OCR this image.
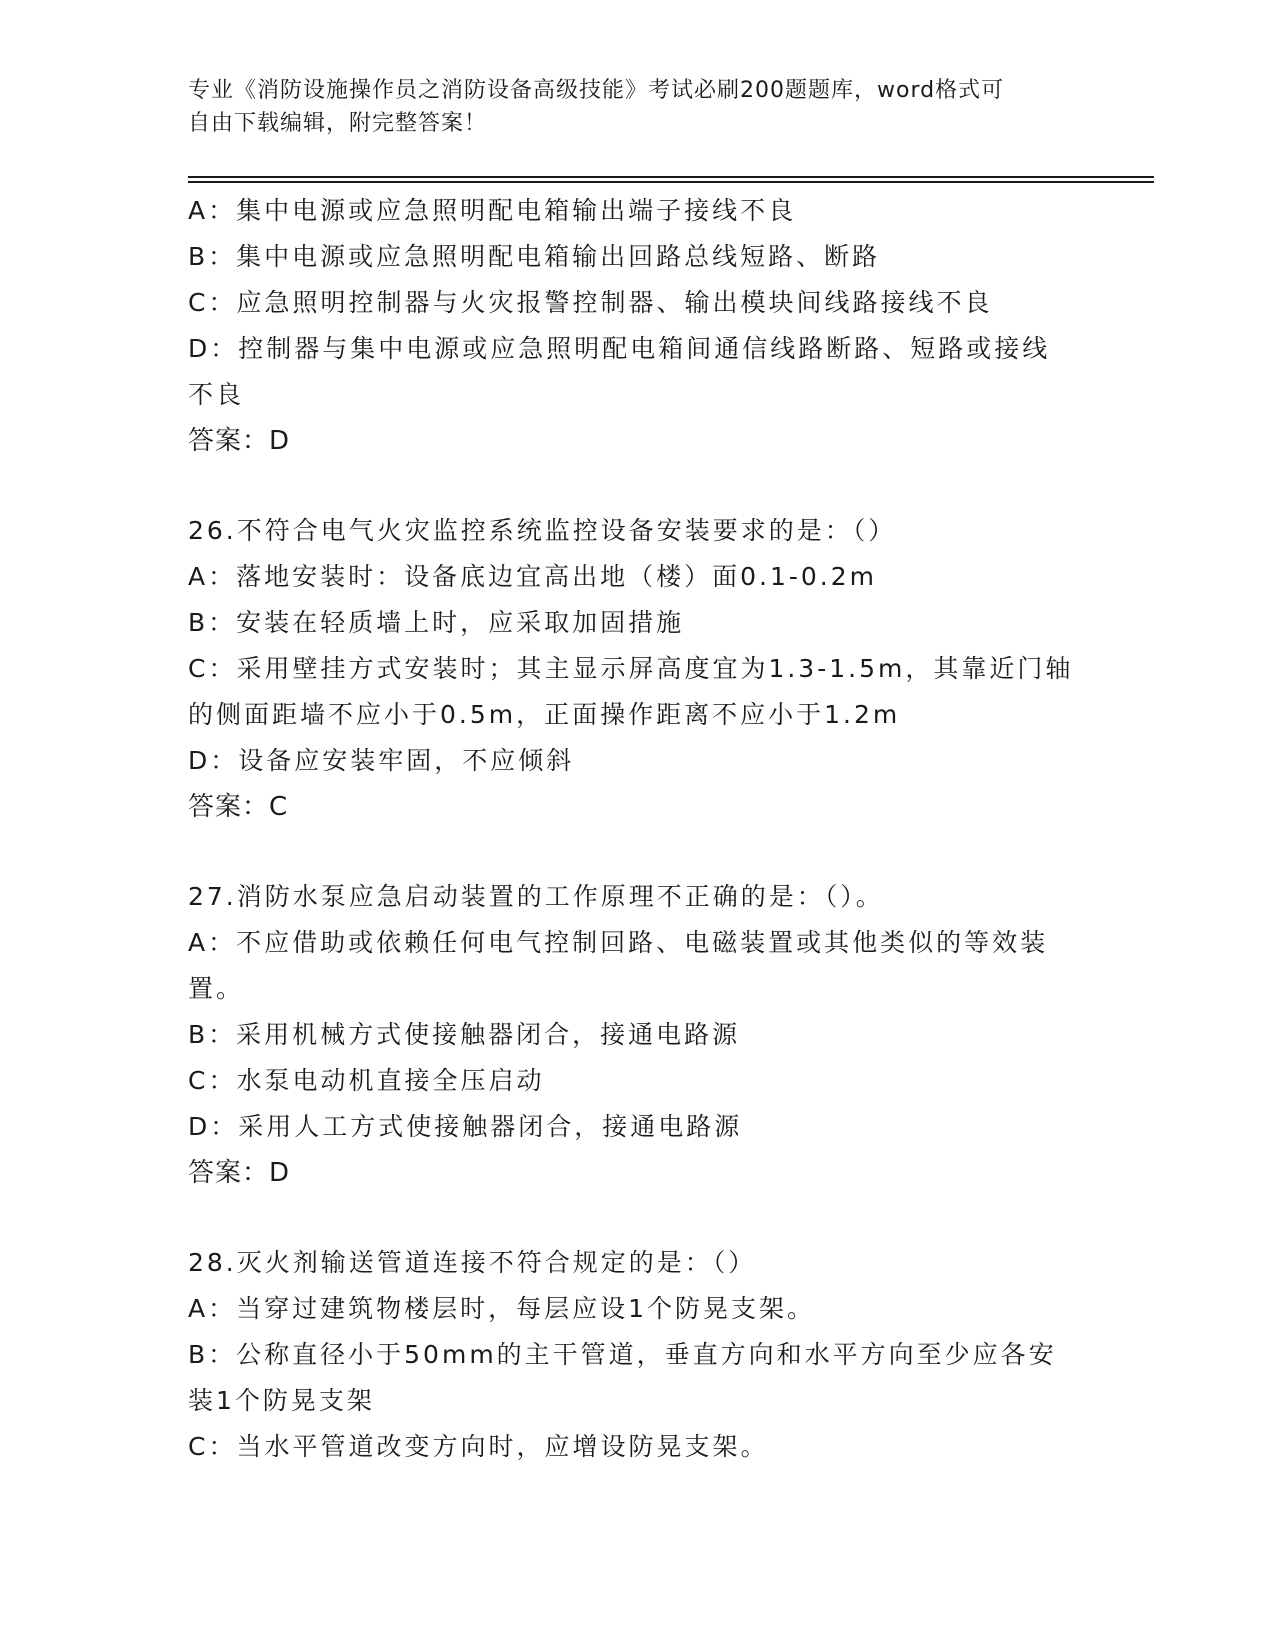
专业《消防设施操作员之消防设备高级技能》考试必刷200题题库，word格式可
自由下载编辑，附完整答案！
A：集中电源或应急照明配电箱输出端子接线不良
B：集中电源或应急照明配电箱输出回路总线短路、断路
C：应急照明控制器与火灾报警控制器、输出模块间线路接线不良
D：控制器与集中电源或应急照明配电箱间通信线路断路、短路或接线
不良
答案：D
26.不符合电气火灾监控系统监控设备安装要求的是：（）
A：落地安装时：设备底边宜高出地（楼）面0.1-0.2m
B：安装在轻质墙上时，应采取加固措施
C：采用壁挂方式安装时；其主显示屏高度宜为1.3-1.5m，其靠近门轴
的侧面距墙不应小于0.5m，正面操作距离不应小于1.2m
D：设备应安装牢固，不应倾斜
答案：C
27.消防水泵应急启动装置的工作原理不正确的是：（）。
A：不应借助或依赖任何电气控制回路、电磁装置或其他类似的等效装
置。
B：采用机械方式使接触器闭合，接通电路源
C：水泵电动机直接全压启动
D：采用人工方式使接触器闭合，接通电路源
答案：D
28.灭火剂输送管道连接不符合规定的是：（）
A：当穿过建筑物楼层时，每层应设1个防晃支架。
B：公称直径小于50mm的主干管道，垂直方向和水平方向至少应各安
装1个防晃支架
C：当水平管道改变方向时，应增设防晃支架。
